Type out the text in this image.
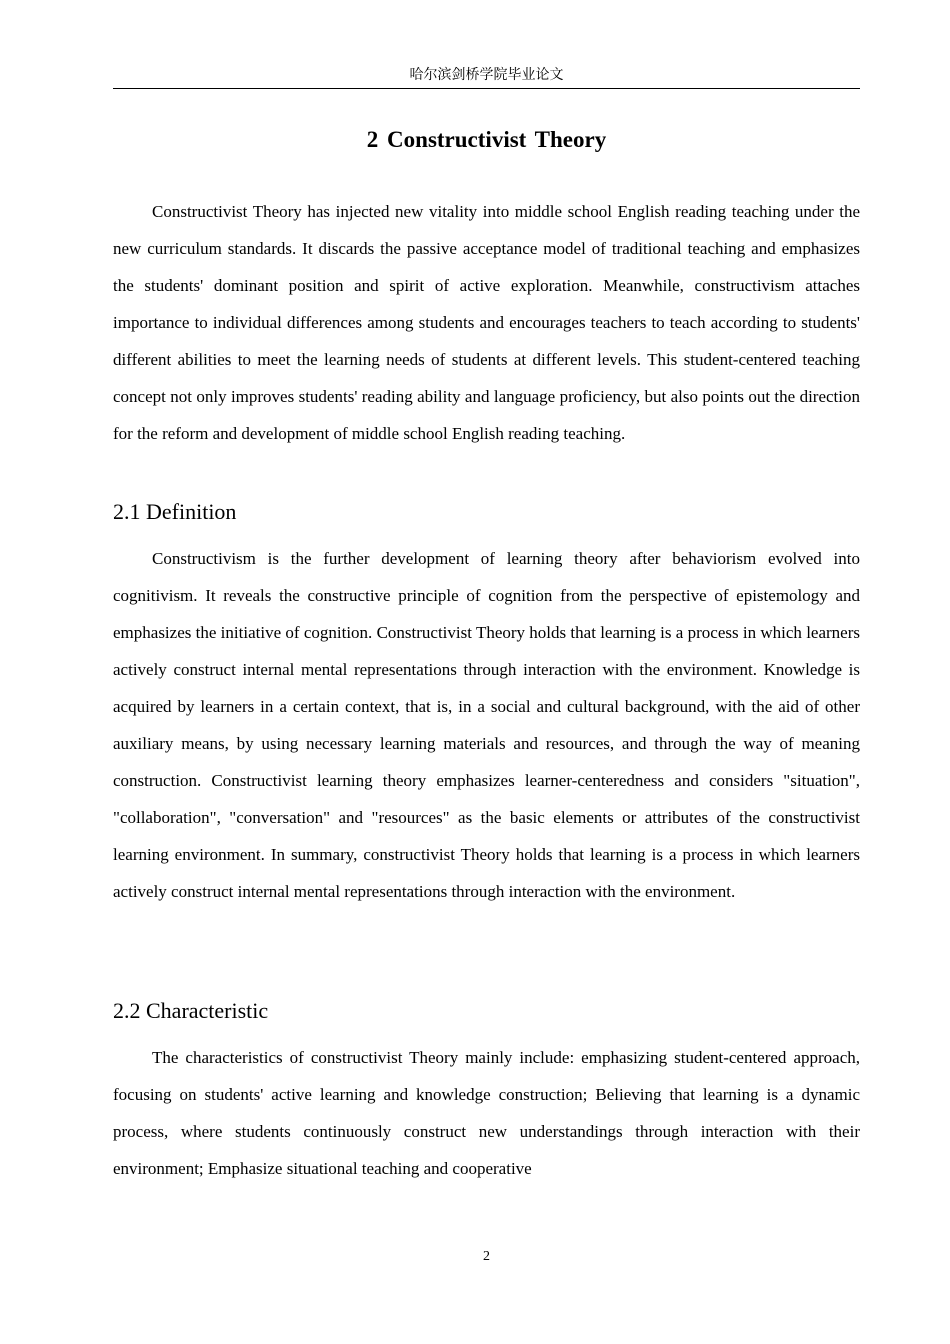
哈尔滨剑桥学院毕业论文
2 Constructivist Theory

Constructivist Theory has injected new vitality into middle school English reading teaching under the new curriculum standards. It discards the passive acceptance model of traditional teaching and emphasizes the students' dominant position and spirit of active exploration. Meanwhile, constructivism attaches importance to individual differences among students and encourages teachers to teach according to students' different abilities to meet the learning needs of students at different levels. This student-centered teaching concept not only improves students' reading ability and language proficiency, but also points out the direction for the reform and development of middle school English reading teaching.

2.1 Definition

Constructivism is the further development of learning theory after behaviorism evolved into cognitivism. It reveals the constructive principle of cognition from the perspective of epistemology and emphasizes the initiative of cognition. Constructivist Theory holds that learning is a process in which learners actively construct internal mental representations through interaction with the environment. Knowledge is acquired by learners in a certain context, that is, in a social and cultural background, with the aid of other auxiliary means, by using necessary learning materials and resources, and through the way of meaning construction. Constructivist learning theory emphasizes learner-centeredness and considers "situation", "collaboration", "conversation" and "resources" as the basic elements or attributes of the constructivist learning environment. In summary, constructivist Theory holds that learning is a process in which learners actively construct internal mental representations through interaction with the environment.

2.2 Characteristic

The characteristics of constructivist Theory mainly include: emphasizing student-centered approach, focusing on students' active learning and knowledge construction; Believing that learning is a dynamic process, where students continuously construct new understandings through interaction with their environment; Emphasize situational teaching and cooperative

2
